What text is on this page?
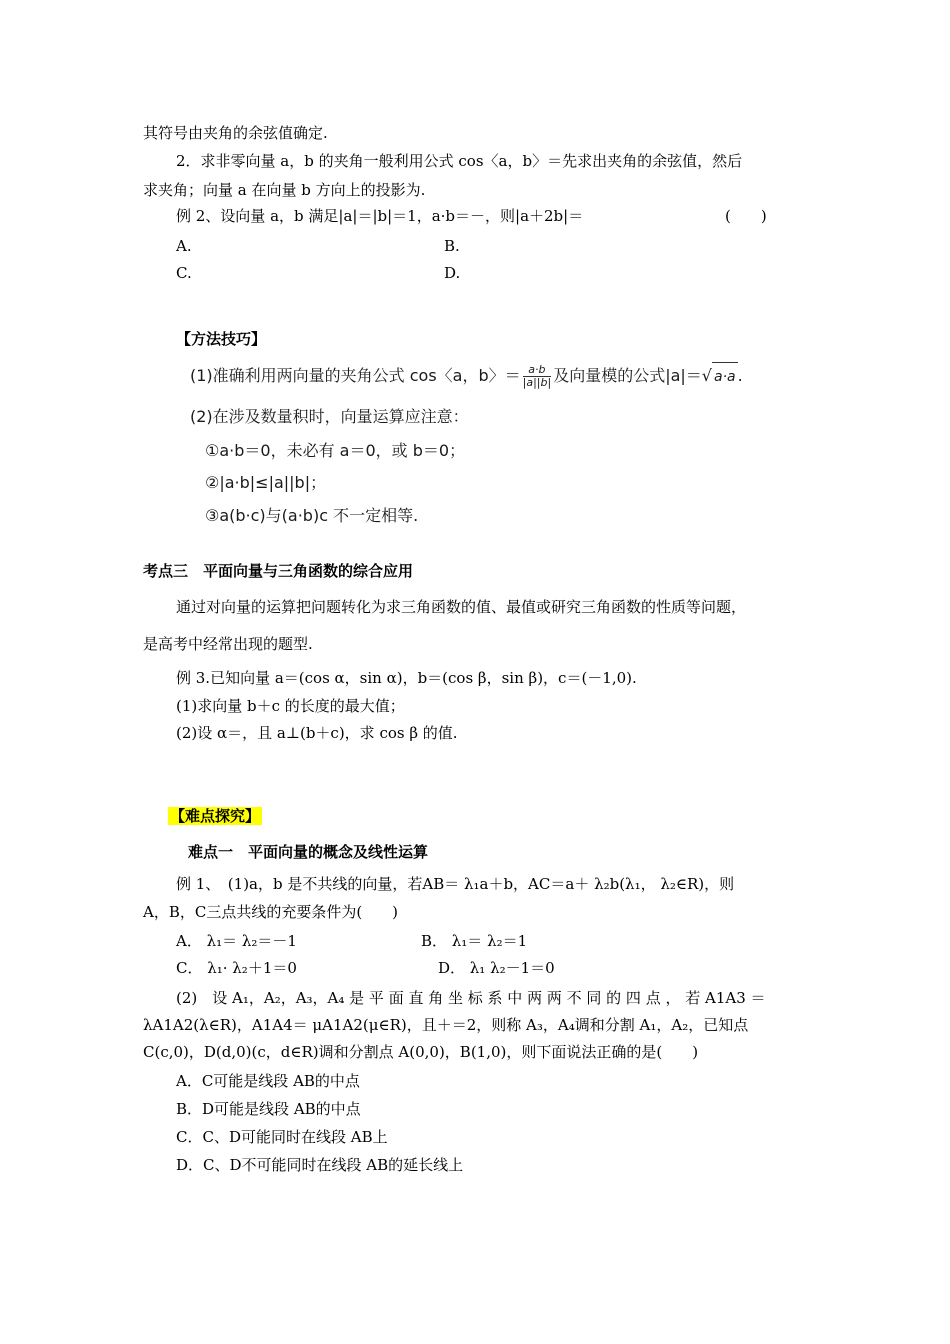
其符号由夹角的余弦值确定.
2．求非零向量 a，b 的夹角一般利用公式 cos〈a，b〉＝先求出夹角的余弦值，然后
求夹角；向量 a 在向量 b 方向上的投影为.
例 2、设向量 a，b 满足|a|＝|b|＝1，a·b＝－，则|a＋2b|＝	(　　)
A.	B.
C.	D.
【方法技巧】
(1)准确利用两向量的夹角公式 cos〈a，b〉＝ $\frac{a\cdot b}{|a||b|}$ 及向量模的公式|a|＝√ a·a .
(2)在涉及数量积时，向量运算应注意：
①a·b＝0，未必有 a＝0，或 b＝0；
②|a·b|≤|a||b|；
③a(b·c)与(a·b)c 不一定相等.
考点三　平面向量与三角函数的综合应用
通过对向量的运算把问题转化为求三角函数的值、最值或研究三角函数的性质等问题，
是高考中经常出现的题型.
例 3.已知向量 a＝(cos α，sin α)，b＝(cos β，sin β)，c＝(－1,0).
(1)求向量 b＋c 的长度的最大值；
(2)设 α＝，且 a⊥(b＋c)，求 cos β 的值.
【难点探究】
难点一　平面向量的概念及线性运算
例 1、　(1)a，b 是不共线的向量，若AB＝ λ₁a＋b，AC＝a＋ λ₂b(λ₁， λ₂∈R)，则
A，B，C三点共线的充要条件为(　　)
A． λ₁＝ λ₂＝－1	B． λ₁＝ λ₂＝1
C． λ₁· λ₂＋1＝0	D． λ₁ λ₂－1＝0
(2)　设 A₁，A₂，A₃，A₄ 是 平 面 直 角 坐 标 系 中 两 两 不 同 的 四 点 ， 若 A1A3 ＝
λA1A2(λ∈R)，A1A4＝ μA1A2(μ∈R)，且＋＝2，则称 A₃，A₄调和分割 A₁，A₂，已知点
C(c,0)，D(d,0)(c，d∈R)调和分割点 A(0,0)，B(1,0)，则下面说法正确的是(　　)
A．C可能是线段 AB的中点
B．D可能是线段 AB的中点
C．C、D可能同时在线段 AB上
D．C、D不可能同时在线段 AB的延长线上
